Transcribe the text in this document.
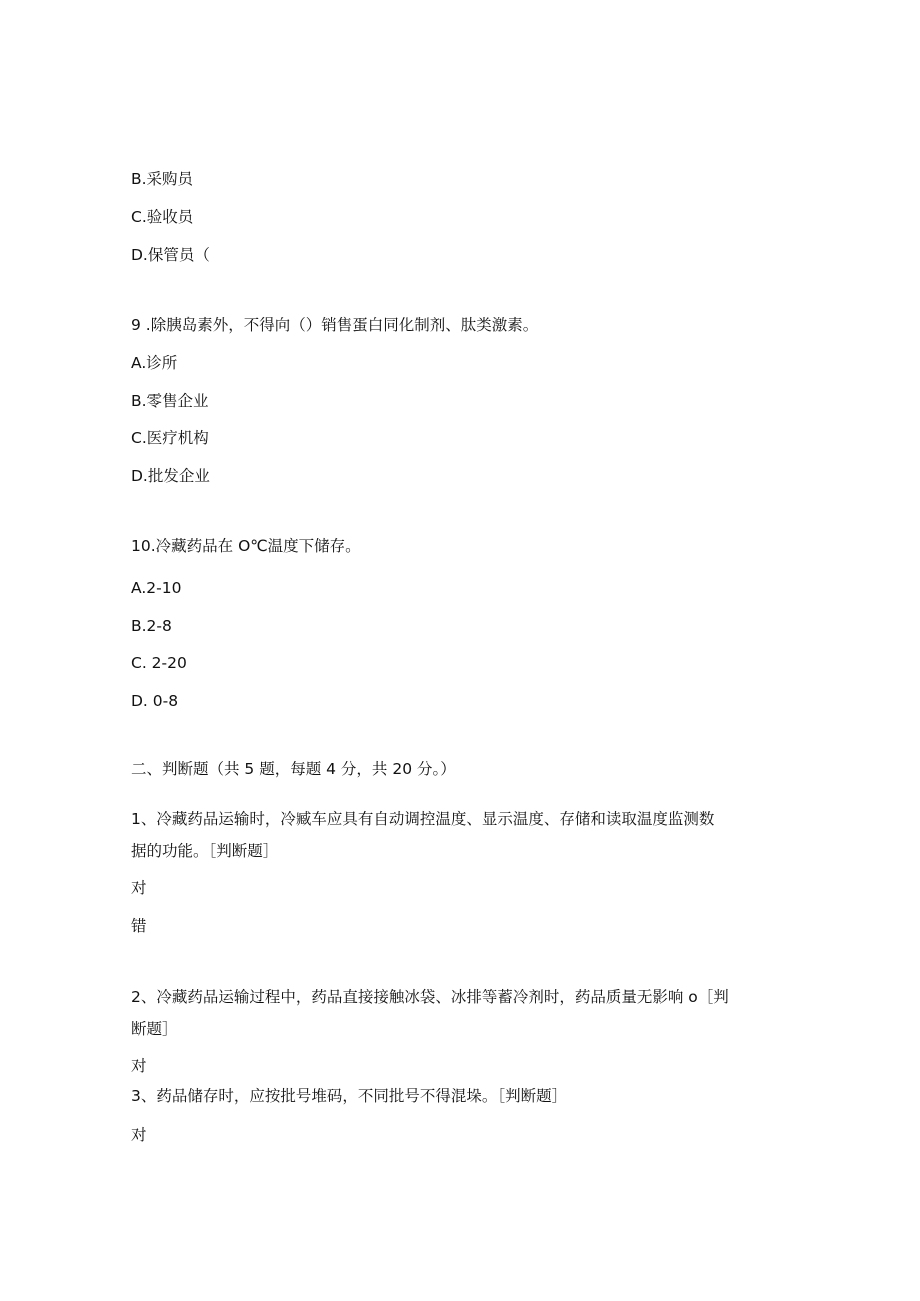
B.采购员
C.验收员
D.保管员（
9 .除胰岛素外，不得向（）销售蛋白同化制剂、肽类激素。
A.诊所
B.零售企业
C.医疗机构
D.批发企业
10.冷藏药品在 O℃温度下储存。
A.2-10
B.2-8
C. 2-20
D. 0-8
二、判断题（共 5 题，每题 4 分，共 20 分。）
1、冷藏药品运输时，冷臧车应具有自动调控温度、显示温度、存储和读取温度监测数
据的功能。［判断题］
对
错
2、冷藏药品运输过程中，药品直接接触冰袋、冰排等蓄冷剂时，药品质量无影响 o［判
断题］
对
3、药品储存时，应按批号堆码，不同批号不得混垛。［判断题］
对
